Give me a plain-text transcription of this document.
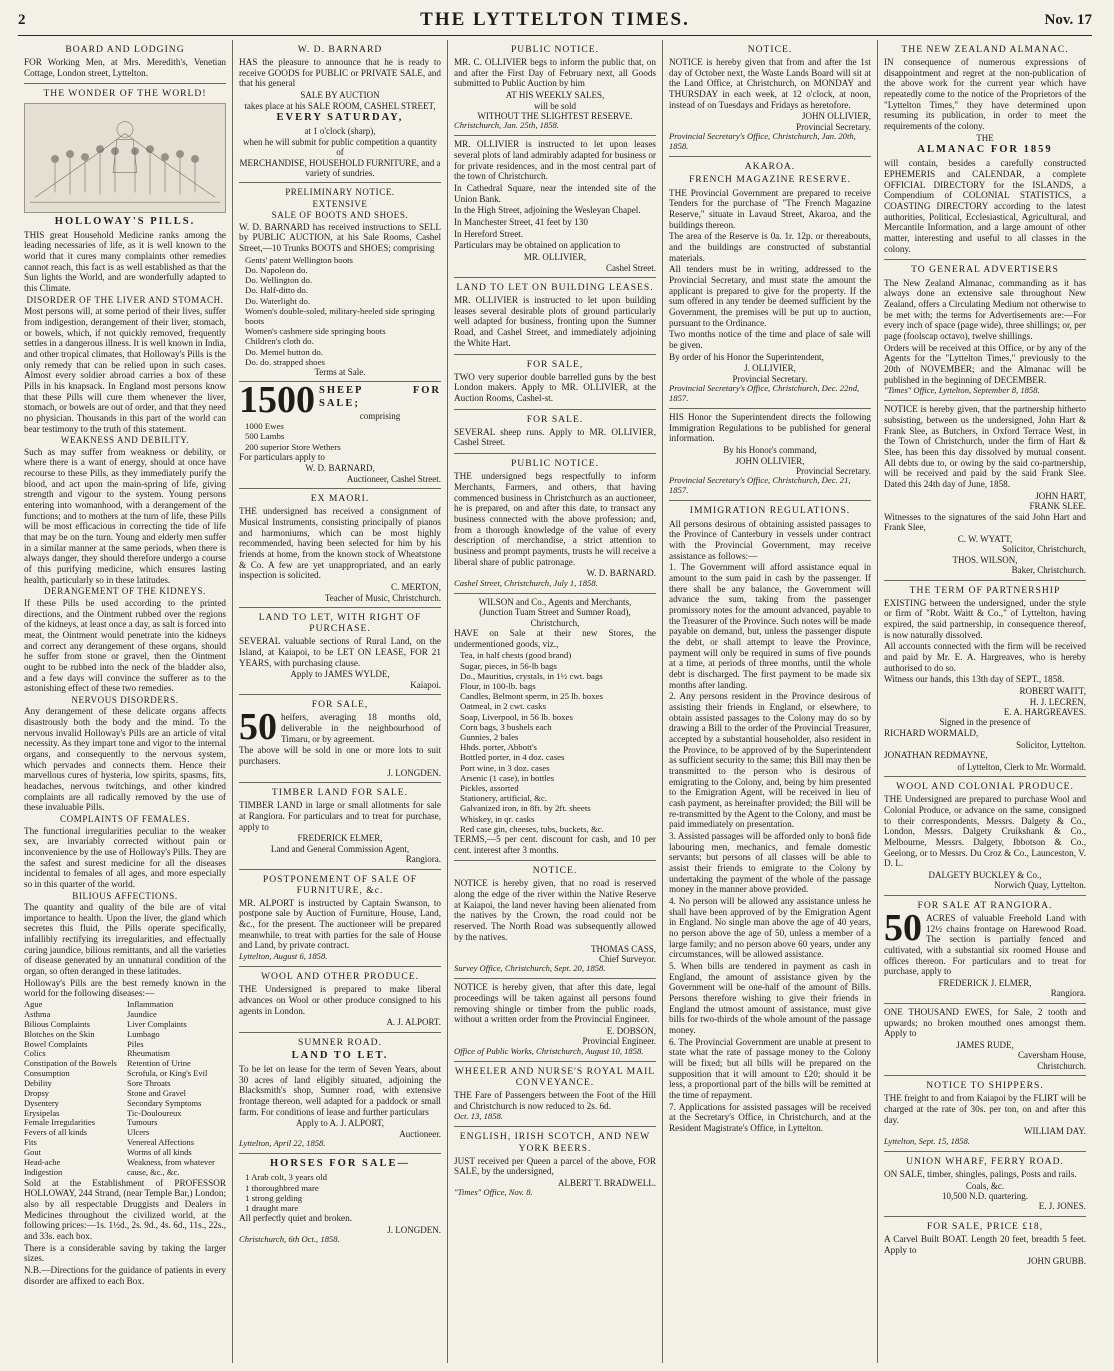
2	THE LYTTELTON TIMES.	Nov. 17
BOARD AND LODGING
FOR Working Men, at Mrs. Meredith's, Venetian Cottage, London street, Lyttelton.
THE WONDER OF THE WORLD!
HOLLOWAY'S PILLS.
THIS great Household Medicine ranks among the leading necessaries of life, as it is well known to the world that it cures many complaints other remedies cannot reach, this fact is as well established as that the Sun lights the World, and are wonderfully adapted to this Climate.
DISORDER OF THE LIVER AND STOMACH.
Most persons will, at some period of their lives, suffer from indigestion, derangement of their liver, stomach, or bowels, which, if not quickly removed, frequently settles in a dangerous illness. It is well known in India, and other tropical climates, that Holloway's Pills is the only remedy that can be relied upon in such cases. Almost every soldier abroad carries a box of these Pills in his knapsack. In England most persons know that these Pills will cure them whenever the liver, stomach, or bowels are out of order, and that they need no physician. Thousands in this part of the world can bear testimony to the truth of this statement.
WEAKNESS AND DEBILITY.
Such as may suffer from weakness or debility, or where there is a want of energy, should at once have recourse to these Pills, as they immediately purify the blood, and act upon the main-spring of life, giving strength and vigour to the system. Young persons entering into womanhood, with a derangement of the functions; and to mothers at the turn of life, these Pills will be most efficacious in correcting the tide of life that may be on the turn. Young and elderly men suffer in a similar manner at the same periods, when there is always danger, they should therefore undergo a course of this purifying medicine, which ensures lasting health, particularly so in these latitudes.
DERANGEMENT OF THE KIDNEYS.
If these Pills be used according to the printed directions, and the Ointment rubbed over the regions of the kidneys, at least once a day, as salt is forced into meat, the Ointment would penetrate into the kidneys and correct any derangement of these organs, should he suffer from stone or gravel, then the Ointment ought to be rubbed into the neck of the bladder also, and a few days will convince the sufferer as to the astonishing effect of these two remedies.
NERVOUS DISORDERS.
Any derangement of these delicate organs affects disastrously both the body and the mind. To the nervous invalid Holloway's Pills are an article of vital necessity. As they impart tone and vigor to the internal organs, and consequently to the nervous system, which pervades and connects them. Hence their marvellous cures of hysteria, low spirits, spasms, fits, headaches, nervous twitchings, and other kindred complaints are all radically removed by the use of these invaluable Pills.
COMPLAINTS OF FEMALES.
The functional irregularities peculiar to the weaker sex, are invariably corrected without pain or inconvenience by the use of Holloway's Pills. They are the safest and surest medicine for all the diseases incidental to females of all ages, and more especially so in this quarter of the world.
BILIOUS AFFECTIONS.
The quantity and quality of the bile are of vital importance to health. Upon the liver, the gland which secretes this fluid, the Pills operate specifically, infallibly rectifying its irregularities, and effectually curing jaundice, bilious remittants, and all the varieties of disease generated by an unnatural condition of the organ, so often deranged in these latitudes.
Holloway's Pills are the best remedy known in the world for the following diseases:—
Ague
Asthma
Bilious Complaints
Blotches on the Skin
Bowel Complaints
Colics
Constipation of the Bowels
Consumption
Debility
Dropsy
Dysentery
Erysipelas
Female Irregularities
Fevers of all kinds
Fits
Gout
Head-ache
Indigestion
Inflammation
Jaundice
Liver Complaints
Lumbago
Piles
Rheumatism
Retention of Urine
Scrofula, or King's Evil
Sore Throats
Stone and Gravel
Secondary Symptoms
Tic-Douloureux
Tumours
Ulcers
Venereal Affections
Worms of all kinds
Weakness, from whatever cause, &c., &c.
Sold at the Establishment of PROFESSOR HOLLOWAY, 244 Strand, (near Temple Bar,) London; also by all respectable Druggists and Dealers in Medicines throughout the civilized world, at the following prices:—1s. 1½d., 2s. 9d., 4s. 6d., 11s., 22s., and 33s. each box.
There is a considerable saving by taking the larger sizes.
N.B.—Directions for the guidance of patients in every disorder are affixed to each Box.
W. D. BARNARD
HAS the pleasure to announce that he is ready to receive GOODS for PUBLIC or PRIVATE SALE, and that his general
SALE BY AUCTION
takes place at his SALE ROOM, CASHEL STREET,
EVERY SATURDAY,
at 1 o'clock (sharp),
when he will submit for public competition a quantity of
MERCHANDISE, HOUSEHOLD FURNITURE, and a variety of sundries.
PRELIMINARY NOTICE.
EXTENSIVE
SALE OF BOOTS AND SHOES.
W. D. BARNARD has received instructions to SELL by PUBLIC AUCTION, at his Sale Rooms, Cashel Street,—10 Trunks BOOTS and SHOES; comprising
Gents' patent Wellington boots
Do. Napoleon do.
Do. Wellington do.
Do. Half-ditto do.
Do. Waterlight do.
Women's double-soled, military-heeled side springing boots
Women's cashmere side springing boots
Children's cloth do.
Do. Memel button do.
Do. do. strapped shoes
Terms at Sale.
1500 SHEEP FOR SALE;
comprising
1000 Ewes
500 Lambs
200 superior Store Wethers
For particulars apply to
W. D. BARNARD,
Auctioneer, Cashel Street.
EX MAORI.
THE undersigned has received a consignment of Musical Instruments, consisting principally of pianos and harmoniums, which can be most highly recommended, having been selected for him by his friends at home, from the known stock of Wheatstone & Co. A few are yet unappropriated, and an early inspection is solicited.
C. MERTON,
Teacher of Music, Christchurch.
LAND TO LET, WITH RIGHT OF PURCHASE.
SEVERAL valuable sections of Rural Land, on the Island, at Kaiapoi, to be LET ON LEASE, FOR 21 YEARS, with purchasing clause.
Apply to JAMES WYLDE,
Kaiapoi.
FOR SALE,
50 heifers, averaging 18 months old, deliverable in the neighbourhood of Timaru, or by agreement.
The above will be sold in one or more lots to suit purchasers.
J. LONGDEN.
TIMBER LAND FOR SALE.
TIMBER LAND in large or small allotments for sale at Rangiora. For particulars and to treat for purchase, apply to
FREDERICK ELMER,
Land and General Commission Agent,
Rangiora.
POSTPONEMENT OF SALE OF FURNITURE, &c.
MR. ALPORT is instructed by Captain Swanson, to postpone sale by Auction of Furniture, House, Land, &c., for the present. The auctioneer will be prepared meanwhile, to treat with parties for the sale of House and Land, by private contract.
Lyttelton, August 6, 1858.
WOOL AND OTHER PRODUCE.
THE Undersigned is prepared to make liberal advances on Wool or other produce consigned to his agents in London.
A. J. ALPORT.
SUMNER ROAD.
LAND TO LET.
To be let on lease for the term of Seven Years, about 30 acres of land eligibly situated, adjoining the Blacksmith's shop, Sumner road, with extensive frontage thereon, well adapted for a paddock or small farm. For conditions of lease and further particulars
Apply to A. J. ALPORT,
Auctioneer.
Lyttelton, April 22, 1858.
HORSES FOR SALE—
1 Arab colt, 3 years old
1 thoroughbred mare
1 strong gelding
1 draught mare
All perfectly quiet and broken.
J. LONGDEN.
Christchurch, 6th Oct., 1858.
PUBLIC NOTICE.
MR. C. OLLIVIER begs to inform the public that, on and after the First Day of February next, all Goods submitted to Public Auction by him
AT HIS WEEKLY SALES,
will be sold
WITHOUT THE SLIGHTEST RESERVE.
Christchurch, Jan. 25th, 1858.
MR. OLLIVIER is instructed to let upon leases several plots of land admirably adapted for business or for private residences, and in the most central part of the town of Christchurch.
In Cathedral Square, near the intended site of the Union Bank.
In the High Street, adjoining the Wesleyan Chapel.
In Manchester Street, 41 feet by 130
In Hereford Street.
Particulars may be obtained on application to
MR. OLLIVIER,
Cashel Street.
LAND TO LET ON BUILDING LEASES.
MR. OLLIVIER is instructed to let upon building leases several desirable plots of ground particularly well adapted for business, fronting upon the Sumner Road, and Cashel Street, and immediately adjoining the White Hart.
FOR SALE,
TWO very superior double barrelled guns by the best London makers. Apply to MR. OLLIVIER, at the Auction Rooms, Cashel-st.
FOR SALE.
SEVERAL sheep runs. Apply to MR. OLLIVIER, Cashel Street.
PUBLIC NOTICE.
THE undersigned begs respectfully to inform Merchants, Farmers, and others, that having commenced business in Christchurch as an auctioneer, he is prepared, on and after this date, to transact any business connected with the above profession; and, from a thorough knowledge of the value of every description of merchandise, a strict attention to business and prompt payments, trusts he will receive a liberal share of public patronage.
W. D. BARNARD.
Cashel Street, Christchurch, July 1, 1858.
WILSON and Co., Agents and Merchants,
(Junction Tuam Street and Sumner Road),
Christchurch,
HAVE on Sale at their new Stores, the undermentioned goods, viz.,
Tea, in half chests (good brand)
Sugar, pieces, in 56-lb bags
Do., Mauritius, crystals, in 1½ cwt. bags
Flour, in 100-lb. bags
Candles, Belmont sperm, in 25 lb. boxes
Oatmeal, in 2 cwt. casks
Soap, Liverpool, in 56 lb. boxes
Corn bags, 3 bushels each
Gunnies, 2 bales
Hhds. porter, Abbott's
Bottled porter, in 4 doz. cases
Port wine, in 3 doz. cases
Arsenic (1 case), in bottles
Pickles, assorted
Stationery, artificial, &c.
Galvanized iron, in 8ft. by 2ft. sheets
Whiskey, in qr. casks
Red case gin, cheeses, tubs, buckets, &c.
TERMS,—5 per cent. discount for cash, and 10 per cent. interest after 3 months.
NOTICE.
NOTICE is hereby given, that no road is reserved along the edge of the river within the Native Reserve at Kaiapoi, the land never having been alienated from the natives by the Crown, the road could not be reserved. The North Road was subsequently allowed by the natives.
THOMAS CASS,
Chief Surveyor.
Survey Office, Christchurch, Sept. 20, 1858.
NOTICE is hereby given, that after this date, legal proceedings will be taken against all persons found removing shingle or timber from the public roads, without a written order from the Provincial Engineer.
E. DOBSON,
Provincial Engineer.
Office of Public Works, Christchurch, August 10, 1858.
WHEELER AND NURSE'S ROYAL MAIL CONVEYANCE.
THE Fare of Passengers between the Foot of the Hill and Christchurch is now reduced to 2s. 6d.
Oct. 13, 1858.
ENGLISH, IRISH SCOTCH, AND NEW YORK BEERS.
JUST received per Queen a parcel of the above, FOR SALE, by the undersigned,
ALBERT T. BRADWELL.
"Times" Office, Nov. 8.
NOTICE.
NOTICE is hereby given that from and after the 1st day of October next, the Waste Lands Board will sit at the Land Office, at Christchurch, on MONDAY and THURSDAY in each week, at 12 o'clock, at noon, instead of on Tuesdays and Fridays as heretofore.
JOHN OLLIVIER,
Provincial Secretary.
Provincial Secretary's Office, Christchurch, Jan. 20th, 1858.
AKAROA.
FRENCH MAGAZINE RESERVE.
THE Provincial Government are prepared to receive Tenders for the purchase of "The French Magazine Reserve," situate in Lavaud Street, Akaroa, and the buildings thereon.
The area of the Reserve is 0a. 1r. 12p. or thereabouts, and the buildings are constructed of substantial materials.
All tenders must be in writing, addressed to the Provincial Secretary, and must state the amount the applicant is prepared to give for the property. If the sum offered in any tender be deemed sufficient by the Government, the premises will be put up to auction, pursuant to the Ordinance.
Two months notice of the time and place of sale will be given.
By order of his Honor the Superintendent,
J. OLLIVIER,
Provincial Secretary.
Provincial Secretary's Office, Christchurch, Dec. 22nd, 1857.
HIS Honor the Superintendent directs the following Immigration Regulations to be published for general information.
By his Honor's command,
JOHN OLLIVIER,
Provincial Secretary.
Provincial Secretary's Office, Christchurch, Dec. 21, 1857.
IMMIGRATION REGULATIONS.
All persons desirous of obtaining assisted passages to the Province of Canterbury in vessels under contract with the Provincial Government, may receive assistance as follows:—
1. The Government will afford assistance equal in amount to the sum paid in cash by the passenger. If there shall be any balance, the Government will advance the sum, taking from the passenger promissory notes for the amount advanced, payable to the Treasurer of the Province. Such notes will be made payable on demand, but, unless the passenger dispute the debt, or shall attempt to leave the Province, payment will only be required in sums of five pounds at a time, at periods of three months, until the whole debt is discharged. The first payment to be made six months after landing.
2. Any persons resident in the Province desirous of assisting their friends in England, or elsewhere, to obtain assisted passages to the Colony may do so by drawing a Bill to the order of the Provincial Treasurer, accepted by a substantial householder, also resident in the Province, to be approved of by the Superintendent as sufficient security to the same; this Bill may then be transmitted to the person who is desirous of emigrating to the Colony, and, being by him presented to the Emigration Agent, will be received in lieu of cash payment, as hereinafter provided; the Bill will be re-transmitted by the Agent to the Colony, and must be paid immediately on presentation.
3. Assisted passages will be afforded only to bonâ fide labouring men, mechanics, and female domestic servants; but persons of all classes will be able to assist their friends to emigrate to the Colony by undertaking the payment of the whole of the passage money in the manner above provided.
4. No person will be allowed any assistance unless he shall have been approved of by the Emigration Agent in England. No single man above the age of 40 years, no person above the age of 50, unless a member of a large family; and no person above 60 years, under any circumstances, will be allowed assistance.
5. When bills are tendered in payment as cash in England, the amount of assistance given by the Government will be one-half of the amount of Bills. Persons therefore wishing to give their friends in England the utmost amount of assistance, must give bills for two-thirds of the whole amount of the passage money.
6. The Provincial Government are unable at present to state what the rate of passage money to the Colony will be fixed; but all bills will be prepared on the supposition that it will amount to £20; should it be less, a proportional part of the bills will be remitted at the time of repayment.
7. Applications for assisted passages will be received at the Secretary's Office, in Christchurch, and at the Resident Magistrate's Office, in Lyttelton.
THE NEW ZEALAND ALMANAC.
IN consequence of numerous expressions of disappointment and regret at the non-publication of the above work for the current year which have repeatedly come to the notice of the Proprietors of the "Lyttelton Times," they have determined upon resuming its publication, in order to meet the requirements of the colony.
THE
ALMANAC FOR 1859
will contain, besides a carefully constructed EPHEMERIS and CALENDAR, a complete OFFICIAL DIRECTORY for the ISLANDS, a Compendium of COLONIAL STATISTICS, a COASTING DIRECTORY according to the latest authorities, Political, Ecclesiastical, Agricultural, and Mercantile Information, and a large amount of other matter, interesting and useful to all classes in the colony.
TO GENERAL ADVERTISERS
The New Zealand Almanac, commanding as it has always done an extensive sale throughout New Zealand, offers a Circulating Medium not otherwise to be met with; the terms for Advertisements are:—For every inch of space (page wide), three shillings; or, per page (foolscap octavo), twelve shillings.
Orders will be received at this Office, or by any of the Agents for the "Lyttelton Times," previously to the 20th of NOVEMBER; and the Almanac will be published in the beginning of DECEMBER.
"Times" Office, Lyttelton, September 8, 1858.
NOTICE is hereby given, that the partnership hitherto subsisting, between us the undersigned, John Hart & Frank Slee, as Butchers, in Oxford Terrace West, in the Town of Christchurch, under the firm of Hart & Slee, has been this day dissolved by mutual consent. All debts due to, or owing by the said co-partnership, will be received and paid by the said Frank Slee. Dated this 24th day of June, 1858.
JOHN HART,
FRANK SLEE.
Witnesses to the signatures of the said John Hart and Frank Slee,
C. W. WYATT,
Solicitor, Christchurch,
THOS. WILSON,
Baker, Christchurch.
THE TERM OF PARTNERSHIP
EXISTING between the undersigned, under the style or firm of "Robt. Waitt & Co.," of Lyttelton, having expired, the said partnership, in consequence thereof, is now naturally dissolved.
All accounts connected with the firm will be received and paid by Mr. E. A. Hargreaves, who is hereby authorised to do so.
Witness our hands, this 13th day of SEPT., 1858.
ROBERT WAITT,
H. J. LECREN,
E. A. HARGREAVES.
Signed in the presence of
RICHARD WORMALD,
Solicitor, Lyttelton.
JONATHAN REDMAYNE,
of Lyttelton, Clerk to Mr. Wormald.
WOOL AND COLONIAL PRODUCE.
THE Undersigned are prepared to purchase Wool and Colonial Produce, or advance on the same, consigned to their correspondents, Messrs. Dalgety & Co., London, Messrs. Dalgety Cruikshank & Co., Melbourne, Messrs. Dalgety, Ibbotson & Co., Geelong, or to Messrs. Du Croz & Co., Launceston, V. D. L.
DALGETY BUCKLEY & Co.,
Norwich Quay, Lyttelton.
FOR SALE AT RANGIORA.
50 ACRES of valuable Freehold Land with 12½ chains frontage on Harewood Road. The section is partially fenced and cultivated, with a substantial six roomed House and offices thereon. For particulars and to treat for purchase, apply to
FREDERICK J. ELMER,
Rangiora.
ONE THOUSAND EWES, for Sale, 2 tooth and upwards; no broken mouthed ones amongst them. Apply to
JAMES RUDE,
Caversham House,
Christchurch.
NOTICE TO SHIPPERS.
THE freight to and from Kaiapoi by the FLIRT will be charged at the rate of 30s. per ton, on and after this day.
WILLIAM DAY.
Lyttelton, Sept. 15, 1858.
UNION WHARF, FERRY ROAD.
ON SALE, timber, shingles, palings, Posts and rails.
Coals, &c.
10,500 N.D. quartering.
E. J. JONES.
FOR SALE, PRICE £18,
A Carvel Built BOAT. Length 20 feet, breadth 5 feet. Apply to
JOHN GRUBB.
